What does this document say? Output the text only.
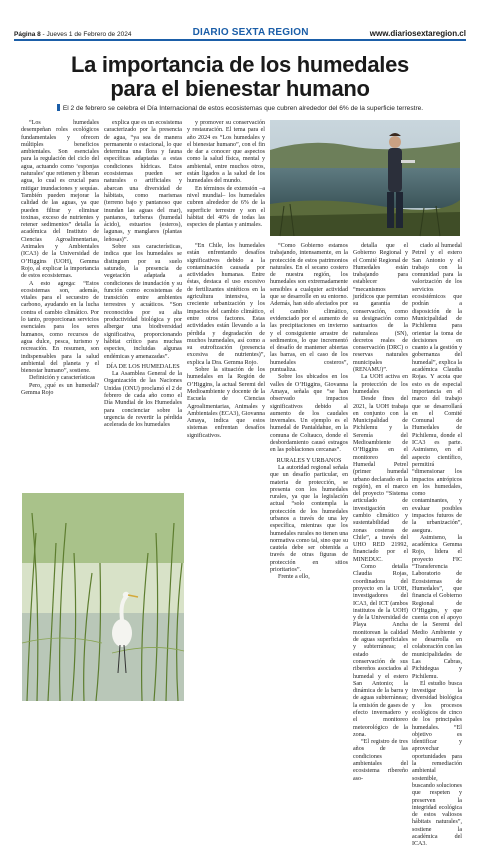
Página 8 - Jueves 1 de Febrero de 2024	DIARIO SEXTA REGION	www.diariosextaregion.cl
La importancia de los humedales
para el bienestar humano
El 2 de febrero se celebra el Día Internacional de estos ecosistemas que cubren alrededor del 6% de la superficie terrestre.

“Los humedales desempeñan roles ecológicos fundamentales y ofrecen múltiples beneficios ambientales. Son esenciales para la regulación del ciclo del agua, actuando como ‘esponjas naturales’ que retienen y liberan agua, lo cual es crucial para mitigar inundaciones y sequías. También pueden mejorar la calidad de las aguas, ya que pueden filtrar y eliminar toxinas, exceso de nutrientes y retener sedimentos” detalla la académica del Instituto de Ciencias Agroalimentarias, Animales y Ambientales (ICA3) de la Universidad de O’Higgins (UOH), Gemma Rojo, al explicar la importancia de estos ecosistemas.

A esto agrega: “Estos ecosistemas son, además, vitales para el secuestro de carbono, ayudando en la lucha contra el cambio climático. Por lo tanto, proporcionan servicios esenciales para los seres humanos, como recursos de agua dulce, pesca, turismo y recreación. En resumen, son indispensables para la salud ambiental del planeta y el bienestar humano”, sostiene.

Definición y características

Pero, ¿qué es un humedal? Gemma Rojo

explica que es un ecosistema caracterizado por la presencia de agua, “ya sea de manera permanente o estacional, lo que determina una flora y fauna específicas adaptadas a estas condiciones hídricas. Estos ecosistemas pueden ser naturales o artificiales y abarcan una diversidad de hábitats, como marismas (terreno bajo y pantanoso que inundan las aguas del mar), pantanos, turberas (humedal ácido), estuarios (esteros), lagunas, y manglares (plantas leñosas)”.

Sobre sus características, indica que los humedales se distinguen por su suelo saturado, la presencia de vegetación adaptada a condiciones de inundación y su función como ecosistemas de transición entre ambientes terrestres y acuáticos. “Son reconocidos por su alta productividad biológica y por albergar una biodiversidad significativa, proporcionando hábitat crítico para muchas especies, incluidas algunas endémicas y amenazadas”.

DÍA DE LOS HUMEDALES

La Asamblea General de la Organización de las Naciones Unidas (ONU) proclamó el 2 de febrero de cada año como el Día Mundial de los Humedales para concienciar sobre la urgencia de revertir la pérdida acelerada de los humedales

y promover su conservación y restauración. El tema para el año 2024 es “Los humedales y el bienestar humano”, con el fin de dar a conocer que aspectos como la salud física, mental y ambiental, entre muchos otros, están ligados a la salud de los humedales del mundo.

En términos de extensión –a nivel mundial– los humedales cubren alrededor de 6% de la superficie terrestre y son el hábitat del 40% de todas las especies de plantas y animales.

“En Chile, los humedales están enfrentando desafíos significativos debido a la contaminación causada por actividades humanas. Entre éstas, destaca el uso excesivo de fertilizantes sintéticos en la agricultura intensiva, la creciente urbanización y los impactos del cambio climático, entre otros factores. Estas actividades están llevando a la pérdida y degradación de muchos humedales, así como a su eutrofización (presencia excesiva de nutrientes)”, explica la Dra. Gemma Rojo.

Sobre la situación de los humedales en la Región de O’Higgins, la actual Seremi del Medioambiente y docente de la Escuela de Ciencias Agroalimentarias, Animales y Ambientales (ECA3), Giovanna Amaya, indica que estos sistemas enfrentan desafíos significativos.

“Como Gobierno estamos trabajando, intensamente, en la protección de estos patrimonios naturales. En el secano costero de nuestra región, los humedales son extremadamente sensibles a cualquier actividad que se desarrolle en su entorno. Además, han sido afectados por el cambio climático, evidenciado por el aumento de las precipitaciones en invierno y el consiguiente arrastre de sedimentos, lo que incrementó el desafío de mantener abiertas las barras, en el caso de los humedales costeros”, puntualiza.

Sobre los ubicados en los valles de O’Higgins, Giovanna Amaya, señala que “se han observado impactos significativos debido al aumento de los caudales invernales. Un ejemplo es el humedal de Pantaldahue, en la comuna de Coltauco, donde el desbordamiento causó estragos en las poblaciones cercanas”.

RURALES Y URBANOS

La autoridad regional señala que un desafío particular, en materia de protección, se presenta con los humedales rurales, ya que la legislación actual “solo contempla la protección de los humedales urbanos a través de una ley específica, mientras que los humedales rurales no tienen una normativa como tal, sino que su cautela debe ser obtenida a través de otras figuras de protección en sitios prioritarios”.

Frente a ello,

detalla que el Gobierno Regional y el Comité Regional de Humedales están trabajando para establecer “mecanismos jurídicos que permitan su garantía de conservación, como su designación como santuarios de la naturaleza (SN), decretos reales de conservación (DRC) o reservas naturales municipales (RENAMU)”.

La UOH activa en la protección de los humedales

Desde fines del 2021, la UOH trabaja en conjunto con la Municipalidad de Pichilemu y la Seremía del Medioambiente de O’Higgins en el monitoreo del Humedal Petrel (primer humedal urbano declarado en la región), en el marco del proyecto “Sistema articulado de investigación en cambio climático y sustentabilidad de zonas costeras de Chile”, a través del UHO RED 21992, financiado por el MINEDUC.

Como detalla Claudia Rojas, coordinadora del proyecto en la UOH, investigadores del ICA3, del ICT (ambos institutos de la UOH) y de la Universidad de Playa Ancha monitorean la calidad de aguas superficiales y subterráneas; el estado de conservación de sus ribereños asociados al humedal y el estero San Antonio; la dinámica de la barra y de aguas subterráneas; la emisión de gases de efecto invernadero y el monitoreo meteorológico de la zona.

“El registro de tres años de las condiciones ambientales del ecosistema ribereño aso-

ciado al humedal Petrel y el estero San Antonio y el trabajo con la comunidad para la valorización de los servicios ecosistémicos que podrán a disposición de la Municipalidad de Pichilemu para orientar la toma de decisiones en cuanto a la gestión y gobernanza del humedal”, explica la académica Claudia Rojas. Y acota que esto es de especial importancia en el marco del trabajo que se desarrollará en el Comité Comunal de Humedales de Pichilemu, donde el ICA3 es parte. Asimismo, en el aspecto científico, permitirá “dimensionar los impactos antrópicos en los humedales, como contaminantes, y evaluar posibles impactos futuros de la urbanización”, asegura.

Asimismo, la académica Gemma Rojo, lidera el proyecto FIC “Transferencia Laboratorio de Ecosistemas de Humedales”, que financia el Gobierno Regional de O’Higgins, y que cuenta con el apoyo de la Seremi del Medio Ambiente y se desarrolla en colaboración con las municipalidades de Las Cabras, Pichidegua y Pichilemu.

El estudio busca investigar la diversidad biológica y los procesos ecológicos de cinco de los principales humedales. “El objetivo es identificar y aprovechar oportunidades para la remediación ambiental sostenible, buscando soluciones que respeten y preserven la integridad ecológica de estos valiosos hábitats naturales”, sostiene la académica del ICA3.
